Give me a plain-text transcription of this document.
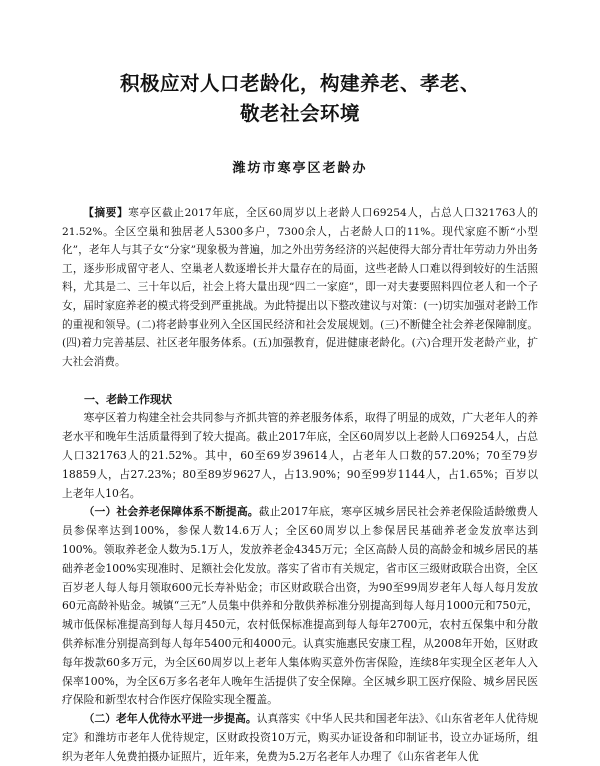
积极应对人口老龄化，构建养老、孝老、
敬老社会环境

潍坊市寒亭区老龄办

【摘要】寒亭区截止2017年底，全区60周岁以上老龄人口69254人，占总人口321763人的21.52%。全区空巢和独居老人5300多户，7300余人，占老龄人口的11%。现代家庭不断“小型化”，老年人与其子女“分家”现象极为普遍，加之外出劳务经济的兴起使得大部分青壮年劳动力外出务工，逐步形成留守老人、空巢老人数逐增长并大量存在的局面，这些老龄人口难以得到较好的生活照料，尤其是二、三十年以后，社会上将大量出现“四二一家庭”，即一对夫妻要照料四位老人和一个子女，届时家庭养老的模式将受到严重挑战。为此特提出以下整改建议与对策：(一)切实加强对老龄工作的重视和领导。(二)将老龄事业列入全区国民经济和社会发展规划。(三)不断健全社会养老保障制度。(四)着力完善基层、社区老年服务体系。(五)加强教育，促进健康老龄化。(六)合理开发老龄产业，扩大社会消费。

一、老龄工作现状

寒亭区着力构建全社会共同参与齐抓共管的养老服务体系，取得了明显的成效，广大老年人的养老水平和晚年生活质量得到了较大提高。截止2017年底，全区60周岁以上老龄人口69254人，占总人口321763人的21.52%。其中，60至69岁39614人，占老年人口数的57.20%；70至79岁18859人，占27.23%；80至89岁9627人，占13.90%；90至99岁1144人，占1.65%；百岁以上老年人10名。

（一）社会养老保障体系不断提高。截止2017年底，寒亭区城乡居民社会养老保险适龄缴费人员参保率达到100%，参保人数14.6万人；全区60周岁以上参保居民基础养老金发放率达到100%。领取养老金人数为5.1万人，发放养老金4345万元；全区高龄人员的高龄金和城乡居民的基础养老金100%实现准时、足额社会化发放。落实了省市有关规定，省市区三级财政联合出资，全区百岁老人每人每月领取600元长寿补贴金；市区财政联合出资，为90至99周岁老年人每人每月发放60元高龄补贴金。城镇“三无”人员集中供养和分散供养标准分别提高到每人每月1000元和750元，城市低保标准提高到每人每月450元，农村低保标准提高到每人每年2700元，农村五保集中和分散供养标准分别提高到每人每年5400元和4000元。认真实施惠民安康工程，从2008年开始，区财政每年拨款60多万元，为全区60周岁以上老年人集体购买意外伤害保险，连续8年实现全区老年人入保率100%，为全区6万多名老年人晚年生活提供了安全保障。全区城乡职工医疗保险、城乡居民医疗保险和新型农村合作医疗保险实现全覆盖。

（二）老年人优待水平进一步提高。认真落实《中华人民共和国老年法》、《山东省老年人优待规定》和潍坊市老年人优待规定，区财政投资10万元，购买办证设备和印制证书，设立办证场所，组织为老年人免费拍摄办证照片，近年来，免费为5.2万名老年人办理了《山东省老年人优
